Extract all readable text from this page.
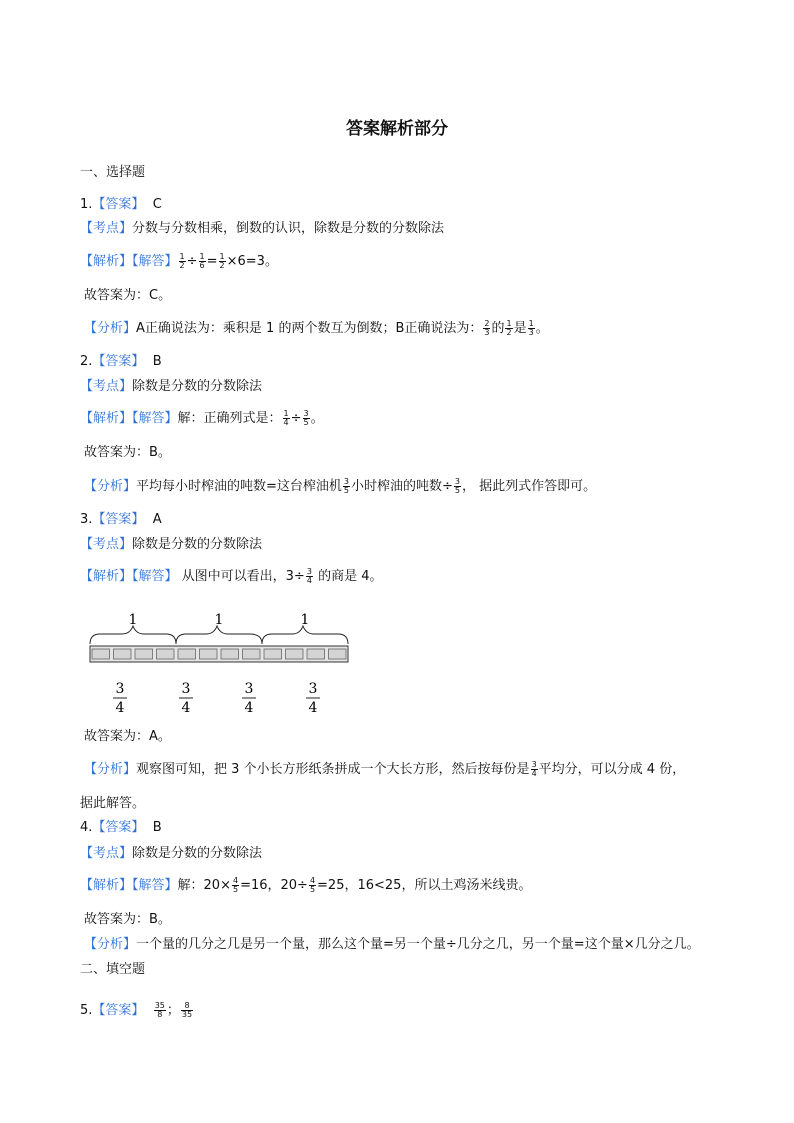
答案解析部分
一、选择题
1.【答案】 C
【考点】分数与分数相乘，倒数的认识，除数是分数的分数除法
【解析】【解答】 $\frac{1}{2} \div \frac{1}{6} = \frac{1}{2} \times 6=3$。
故答案为：C。
【分析】A正确说法为：乘积是 1 的两个数互为倒数；B正确说法为： $\frac{2}{3}$ 的 $\frac{1}{2}$ 是 $\frac{1}{3}$ 。
2.【答案】 B
【考点】除数是分数的分数除法
【解析】【解答】解：正确列式是： $\frac{1}{4} \div \frac{3}{5}$ 。
故答案为：B。
【分析】平均每小时榨油的吨数=这台榨油机 $\frac{3}{5}$ 小时榨油的吨数÷ $\frac{3}{5}$ ， 据此列式作答即可。
3.【答案】 A
【考点】除数是分数的分数除法
【解析】【解答】 从图中可以看出，$3\div \frac{3}{4}$ 的商是 4。
1	1	1
3
4
3
4
3
4
3
4
故答案为：A。
【分析】观察图可知，把 3 个小长方形纸条拼成一个大长方形，然后按每份是 $\frac{3}{4}$ 平均分，可以分成 4 份，
据此解答。
4.【答案】 B
【考点】除数是分数的分数除法
【解析】【解答】解：$20\times \frac{4}{5} =16$，$20\div \frac{4}{5} =25$，16<25，所以土鸡汤米线贵。
故答案为：B。
【分析】一个量的几分之几是另一个量，那么这个量=另一个量÷几分之几，另一个量=这个量×几分之几。
二、填空题
5.【答案】 $\frac{35}{8}$ ； $\frac{8}{35}$
